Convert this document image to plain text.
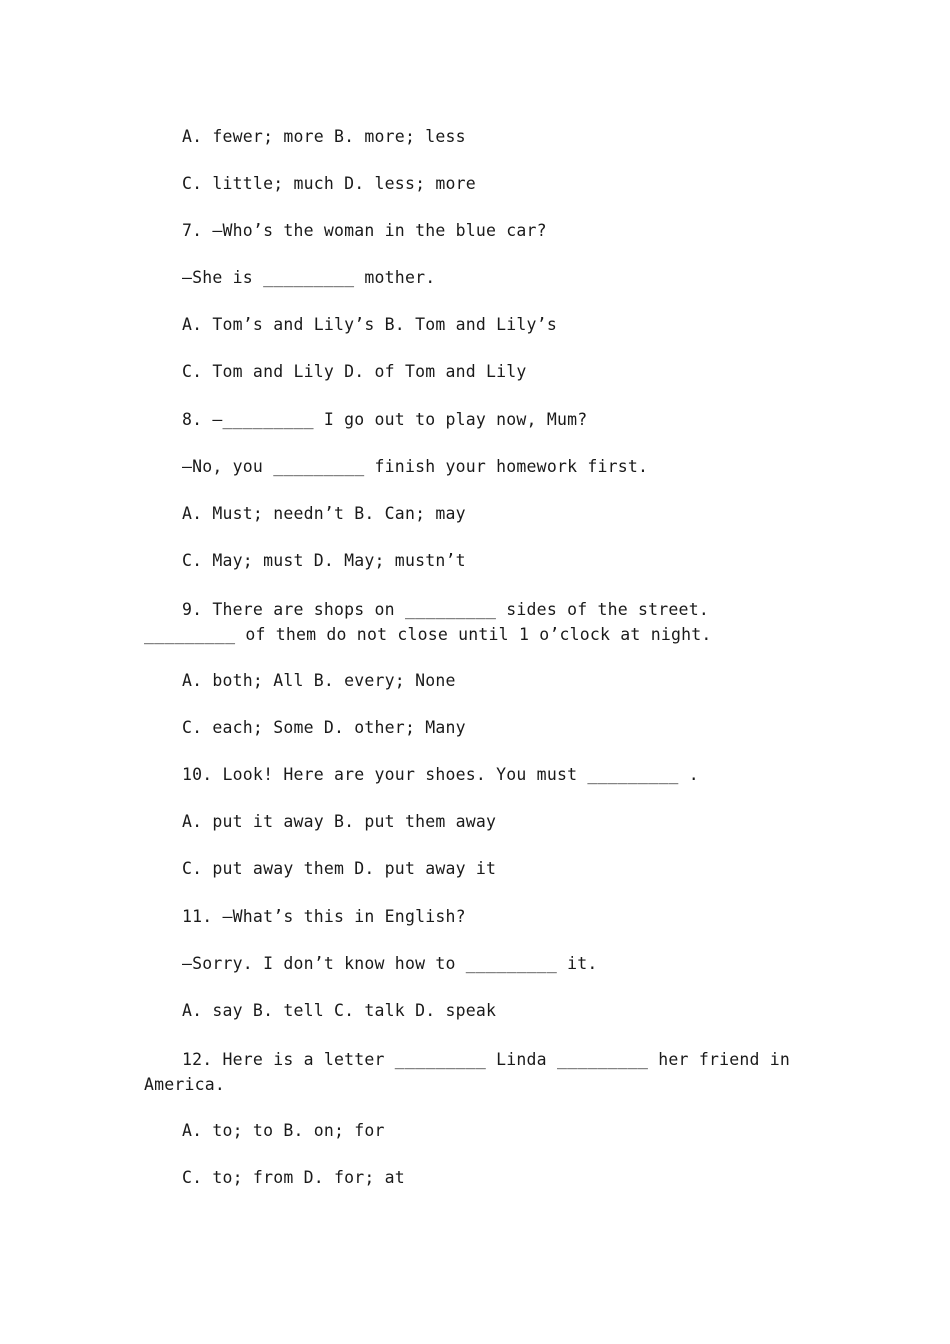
A. fewer; more B. more; less
C. little; much D. less; more
7. —Who’s the woman in the blue car?
—She is _________ mother.
A. Tom’s and Lily’s B. Tom and Lily’s
C. Tom and Lily D. of Tom and Lily
8. —_________ I go out to play now, Mum?
—No, you _________ finish your homework first.
A. Must; needn’t B. Can; may
C. May; must D. May; mustn’t
9. There are shops on _________ sides of the street. _________ of them do not close until 1 o’clock at night.
A. both; All B. every; None
C. each; Some D. other; Many
10. Look! Here are your shoes. You must _________ .
A. put it away B. put them away
C. put away them D. put away it
11. —What’s this in English?
—Sorry. I don’t know how to _________ it.
A. say B. tell C. talk D. speak
12. Here is a letter _________ Linda _________ her friend in America.
A. to; to B. on; for
C. to; from D. for; at
